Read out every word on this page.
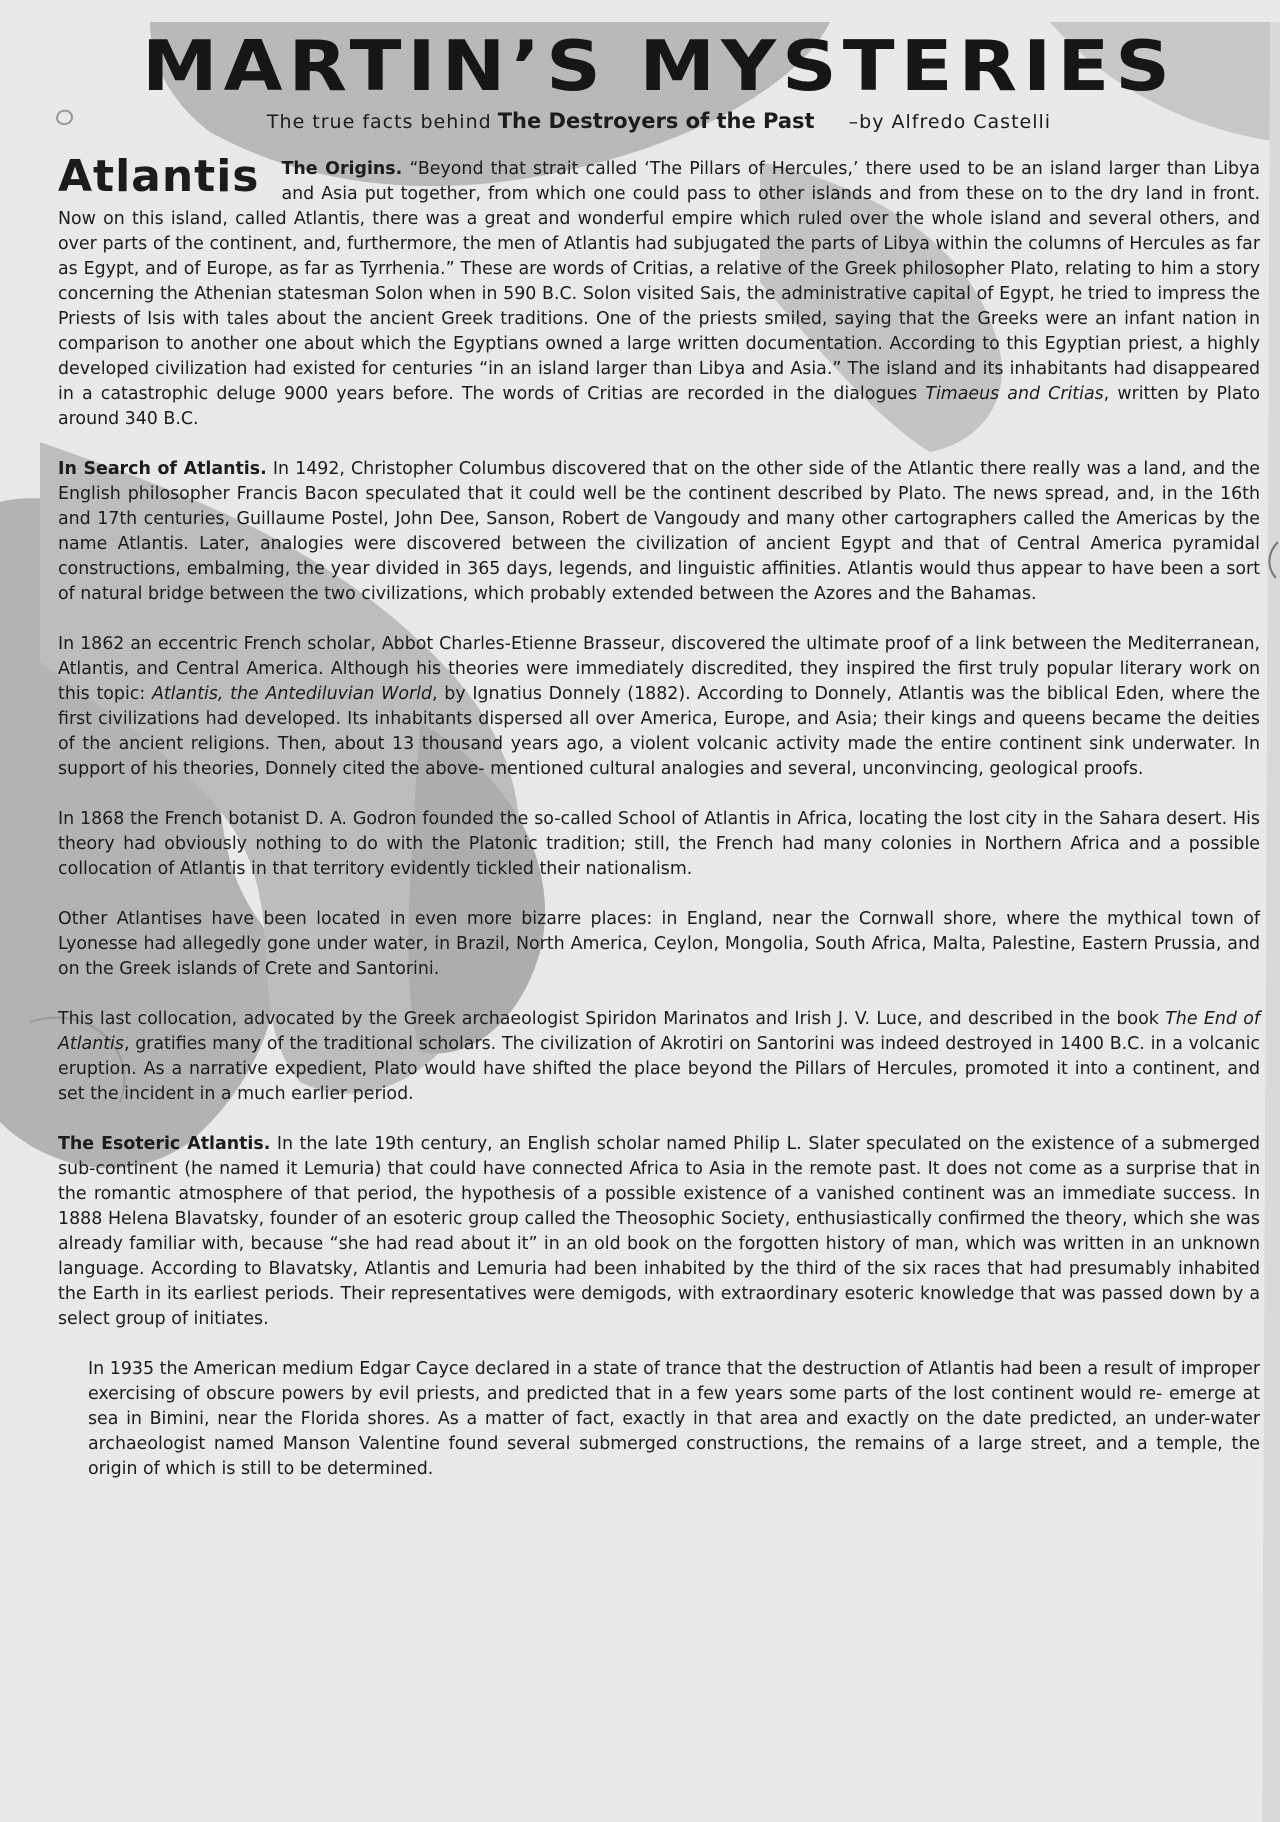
MARTIN’S MYSTERIES
The true facts behind The Destroyers of the Past –by Alfredo Castelli

Atlantis The Origins. “Beyond that strait called ‘The Pillars of Hercules,’ there used to be an island larger than Libya and Asia put together, from which one could pass to other islands and from these on to the dry land in front. Now on this island, called Atlantis, there was a great and wonderful empire which ruled over the whole island and several others, and over parts of the continent, and, furthermore, the men of Atlantis had subjugated the parts of Libya within the columns of Hercules as far as Egypt, and of Europe, as far as Tyrrhenia.” These are words of Critias, a relative of the Greek philosopher Plato, relating to him a story concerning the Athenian statesman Solon when in 590 B.C. Solon visited Sais, the administrative capital of Egypt, he tried to impress the Priests of Isis with tales about the ancient Greek traditions. One of the priests smiled, saying that the Greeks were an infant nation in comparison to another one about which the Egyptians owned a large written documentation. According to this Egyptian priest, a highly developed civilization had existed for centuries “in an island larger than Libya and Asia.” The island and its inhabitants had disappeared in a catastrophic deluge 9000 years before. The words of Critias are recorded in the dialogues Timaeus and Critias, written by Plato around 340 B.C.

In Search of Atlantis. In 1492, Christopher Columbus discovered that on the other side of the Atlantic there really was a land, and the English philosopher Francis Bacon speculated that it could well be the continent described by Plato. The news spread, and, in the 16th and 17th centuries, Guillaume Postel, John Dee, Sanson, Robert de Vangoudy and many other cartographers called the Americas by the name Atlantis. Later, analogies were discovered between the civilization of ancient Egypt and that of Central America pyramidal constructions, embalming, the year divided in 365 days, legends, and linguistic affinities. Atlantis would thus appear to have been a sort of natural bridge between the two civilizations, which probably extended between the Azores and the Bahamas.

In 1862 an eccentric French scholar, Abbot Charles-Etienne Brasseur, discovered the ultimate proof of a link between the Mediterranean, Atlantis, and Central America. Although his theories were immediately discredited, they inspired the first truly popular literary work on this topic: Atlantis, the Antediluvian World, by Ignatius Donnely (1882). According to Donnely, Atlantis was the biblical Eden, where the first civilizations had developed. Its inhabitants dispersed all over America, Europe, and Asia; their kings and queens became the deities of the ancient religions. Then, about 13 thousand years ago, a violent volcanic activity made the entire continent sink underwater. In support of his theories, Donnely cited the above- mentioned cultural analogies and several, unconvincing, geological proofs.

In 1868 the French botanist D. A. Godron founded the so-called School of Atlantis in Africa, locating the lost city in the Sahara desert. His theory had obviously nothing to do with the Platonic tradition; still, the French had many colonies in Northern Africa and a possible collocation of Atlantis in that territory evidently tickled their nationalism.

Other Atlantises have been located in even more bizarre places: in England, near the Cornwall shore, where the mythical town of Lyonesse had allegedly gone under water, in Brazil, North America, Ceylon, Mongolia, South Africa, Malta, Palestine, Eastern Prussia, and on the Greek islands of Crete and Santorini.

This last collocation, advocated by the Greek archaeologist Spiridon Marinatos and Irish J. V. Luce, and described in the book The End of Atlantis, gratifies many of the traditional scholars. The civilization of Akrotiri on Santorini was indeed destroyed in 1400 B.C. in a volcanic eruption. As a narrative expedient, Plato would have shifted the place beyond the Pillars of Hercules, promoted it into a continent, and set the incident in a much earlier period.

The Esoteric Atlantis. In the late 19th century, an English scholar named Philip L. Slater speculated on the existence of a submerged sub-continent (he named it Lemuria) that could have connected Africa to Asia in the remote past. It does not come as a surprise that in the romantic atmosphere of that period, the hypothesis of a possible existence of a vanished continent was an immediate success. In 1888 Helena Blavatsky, founder of an esoteric group called the Theosophic Society, enthusiastically confirmed the theory, which she was already familiar with, because “she had read about it” in an old book on the forgotten history of man, which was written in an unknown language. According to Blavatsky, Atlantis and Lemuria had been inhabited by the third of the six races that had presumably inhabited the Earth in its earliest periods. Their representatives were demigods, with extraordinary esoteric knowledge that was passed down by a select group of initiates.

In 1935 the American medium Edgar Cayce declared in a state of trance that the destruction of Atlantis had been a result of improper exercising of obscure powers by evil priests, and predicted that in a few years some parts of the lost continent would re- emerge at sea in Bimini, near the Florida shores. As a matter of fact, exactly in that area and exactly on the date predicted, an under-water archaeologist named Manson Valentine found several submerged constructions, the remains of a large street, and a temple, the origin of which is still to be determined.
